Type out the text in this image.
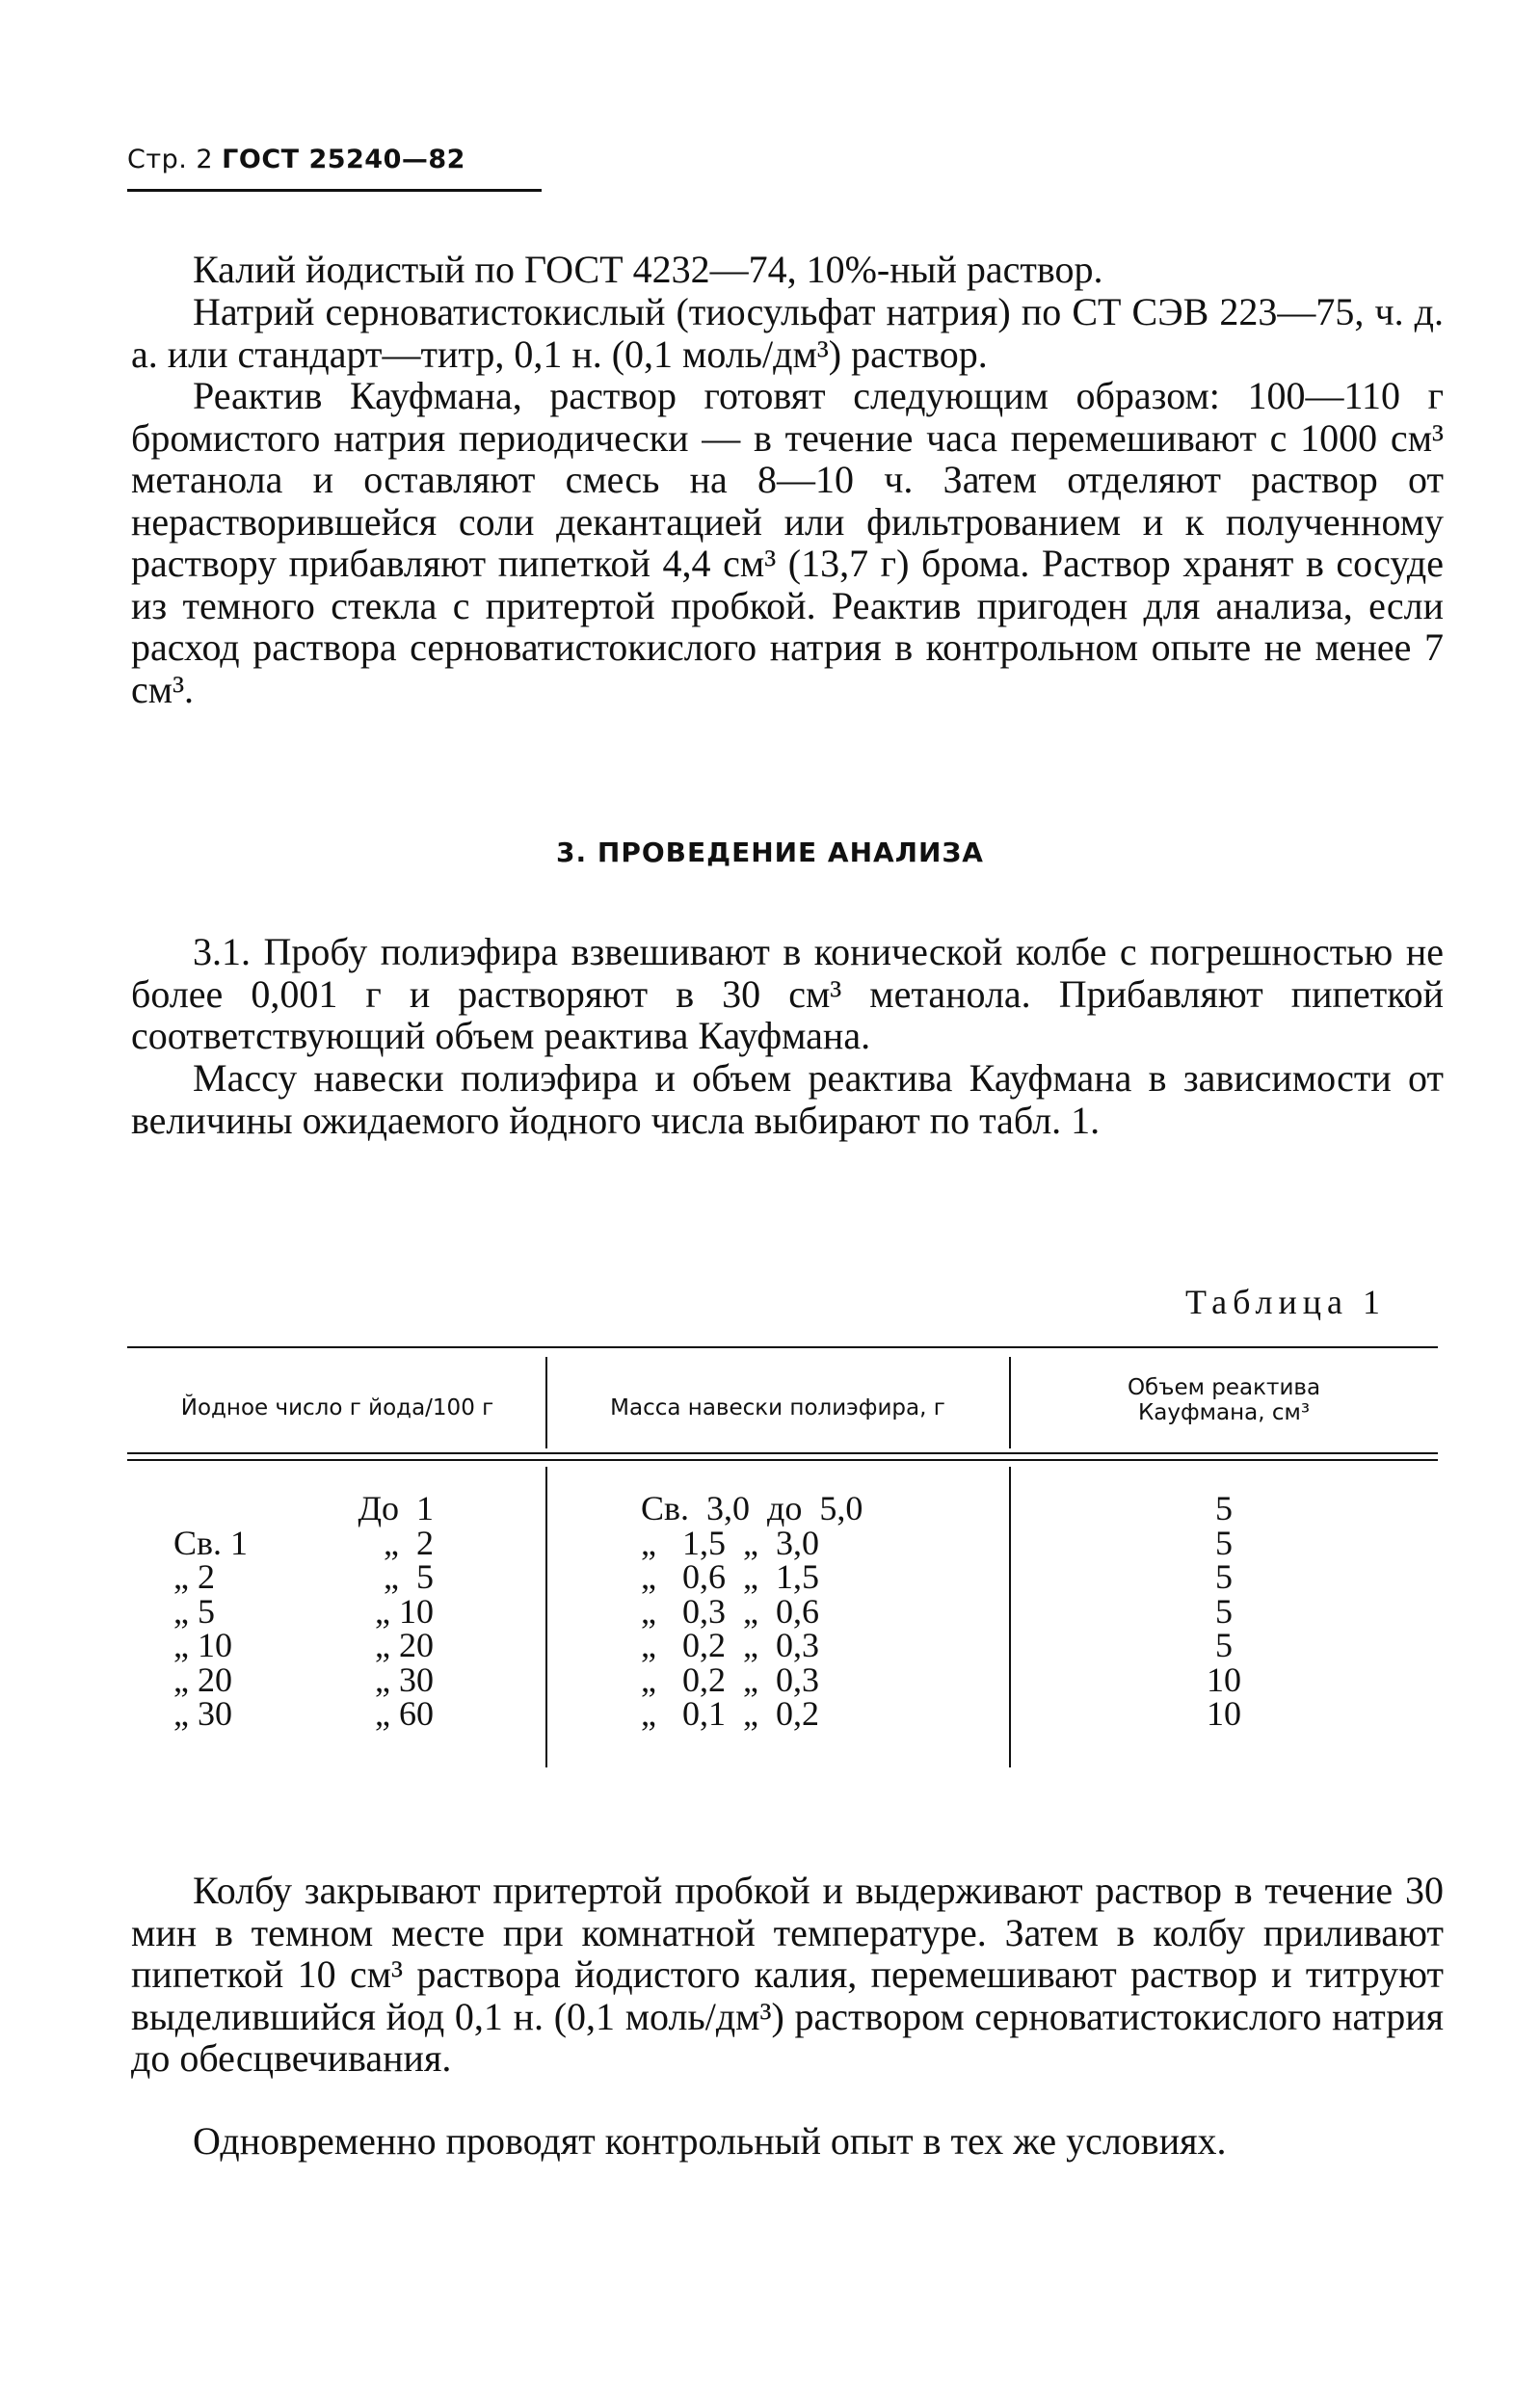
Стр. 2 ГОСТ 25240—82
Калий йодистый по ГОСТ 4232—74, 10%-ный раствор.
Натрий серноватистокислый (тиосульфат натрия) по СТ СЭВ 223—75, ч. д. а. или стандарт—титр, 0,1 н. (0,1 моль/дм³) раствор.
Реактив Кауфмана, раствор готовят следующим образом: 100—110 г бромистого натрия периодически — в течение часа перемешивают с 1000 см³ метанола и оставляют смесь на 8—10 ч. Затем отделяют раствор от нерастворившейся соли декантацией или фильтрованием и к полученному раствору прибавляют пипеткой 4,4 см³ (13,7 г) брома. Раствор хранят в сосуде из темного стекла с притертой пробкой. Реактив пригоден для анализа, если расход раствора серноватистокислого натрия в контрольном опыте не менее 7 см³.
3. ПРОВЕДЕНИЕ АНАЛИЗА
3.1. Пробу полиэфира взвешивают в конической колбе с погрешностью не более 0,001 г и растворяют в 30 см³ метанола. Прибавляют пипеткой соответствующий объем реактива Кауфмана.
Массу навески полиэфира и объем реактива Кауфмана в зависимости от величины ожидаемого йодного числа выбирают по табл. 1.
Таблица 1
Йодное число г йода/100 г	Масса навески полиэфира, г
Объем реактива Кауфмана, см³

Св. 1
„ 2
„ 5
„ 10
„ 20
„ 30
До  1
„  2
„  5
„ 10
„ 20
„ 30
„ 60
Св.  3,0  до  5,0
„   1,5  „  3,0
„   0,6  „  1,5
„   0,3  „  0,6
„   0,2  „  0,3
„   0,2  „  0,3
„   0,1  „  0,2
5
5
5
5
5
10
10
Колбу закрывают притертой пробкой и выдерживают раствор в течение 30 мин в темном месте при комнатной температуре. Затем в колбу приливают пипеткой 10 см³ раствора йодистого калия, перемешивают раствор и титруют выделившийся йод 0,1 н. (0,1 моль/дм³) раствором серноватистокислого натрия до обесцвечивания.
Одновременно проводят контрольный опыт в тех же условиях.
